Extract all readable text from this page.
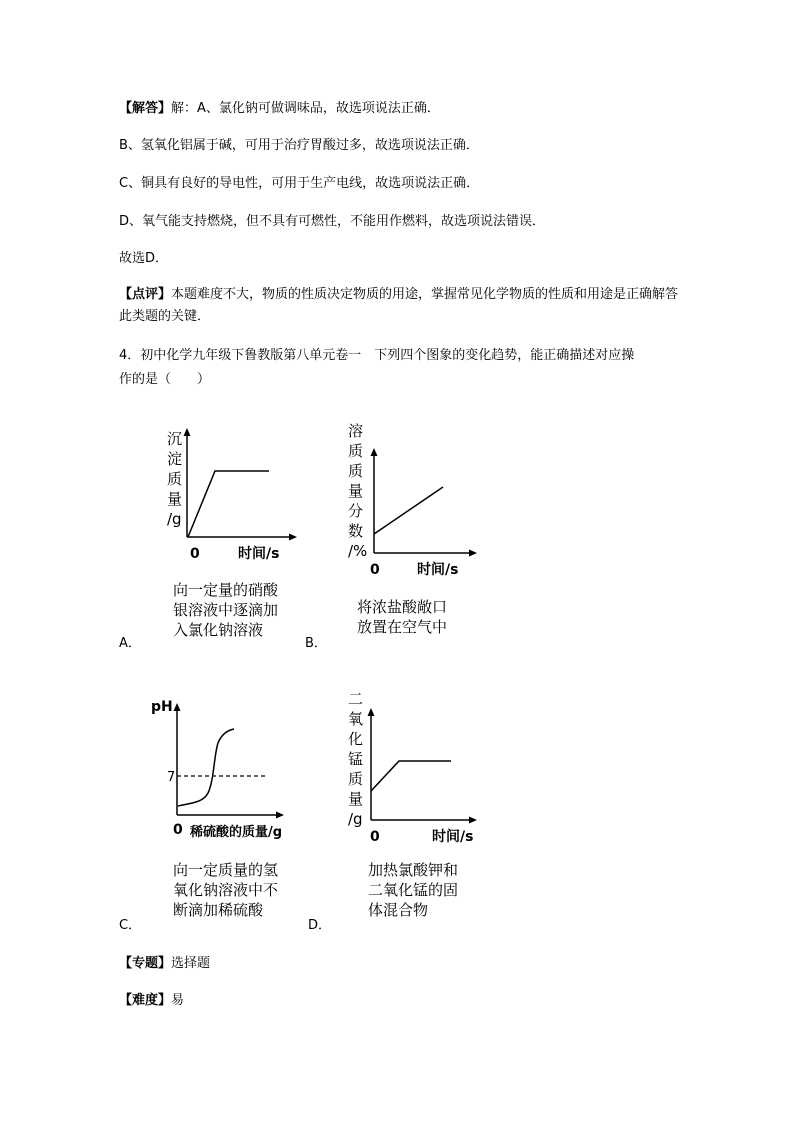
【解答】解：A、氯化钠可做调味品，故选项说法正确．
B、氢氧化铝属于碱，可用于治疗胃酸过多，故选项说法正确．
C、铜具有良好的导电性，可用于生产电线，故选项说法正确．
D、氧气能支持燃烧，但不具有可燃性，不能用作燃料，故选项说法错误．
故选D．
【点评】本题难度不大，物质的性质决定物质的用途，掌握常见化学物质的性质和用途是正确解答此类题的关键．
4．初中化学九年级下鲁教版第八单元卷一　下列四个图象的变化趋势，能正确描述对应操
作的是（　　）
沉
淀
质
量
/g
0	时间/s
向一定量的硝酸
银溶液中逐滴加
入氯化钠溶液
A．
溶
质
质
量
分
数
/%
0	时间/s
将浓盐酸敞口
放置在空气中
B．
pH
7
0 稀硫酸的质量/g
向一定质量的氢
氧化钠溶液中不
断滴加稀硫酸
C．
二
氧
化
锰
质
量
/g
0	时间/s
加热氯酸钾和
二氧化锰的固
体混合物
D．
【专题】选择题
【难度】易
